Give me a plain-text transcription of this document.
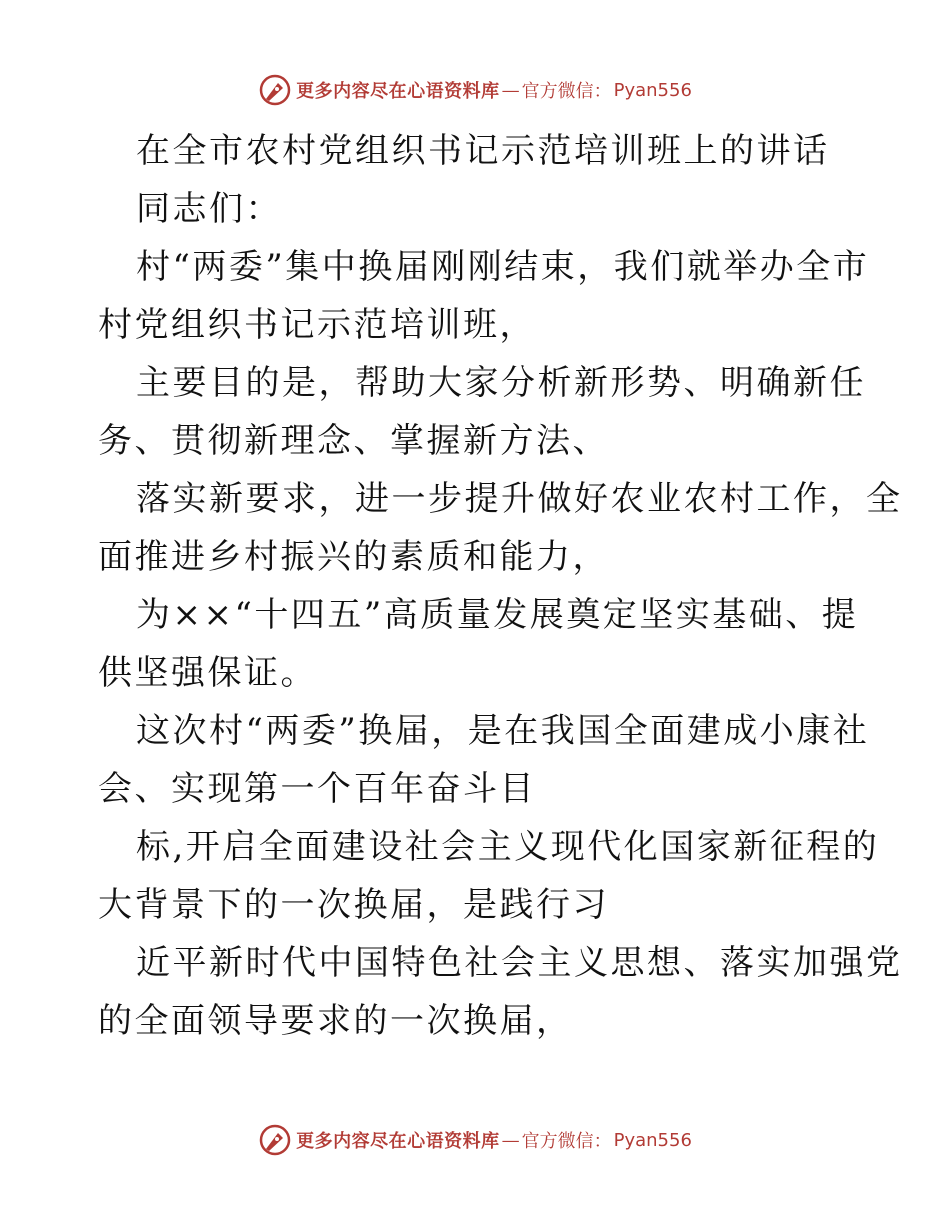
更多内容尽在心语资料库 — 官方微信： Pyan556
在全市农村党组织书记示范培训班上的讲话
同志们：
村“两委”集中换届刚刚结束，我们就举办全市
村党组织书记示范培训班，
主要目的是，帮助大家分析新形势、明确新任
务、贯彻新理念、掌握新方法、
落实新要求，进一步提升做好农业农村工作，全
面推进乡村振兴的素质和能力，
为××“十四五”高质量发展奠定坚实基础、提
供坚强保证。
这次村“两委”换届，是在我国全面建成小康社
会、实现第一个百年奋斗目
标,开启全面建设社会主义现代化国家新征程的
大背景下的一次换届，是践行习
近平新时代中国特色社会主义思想、落实加强党
的全面领导要求的一次换届，
更多内容尽在心语资料库 — 官方微信： Pyan556
